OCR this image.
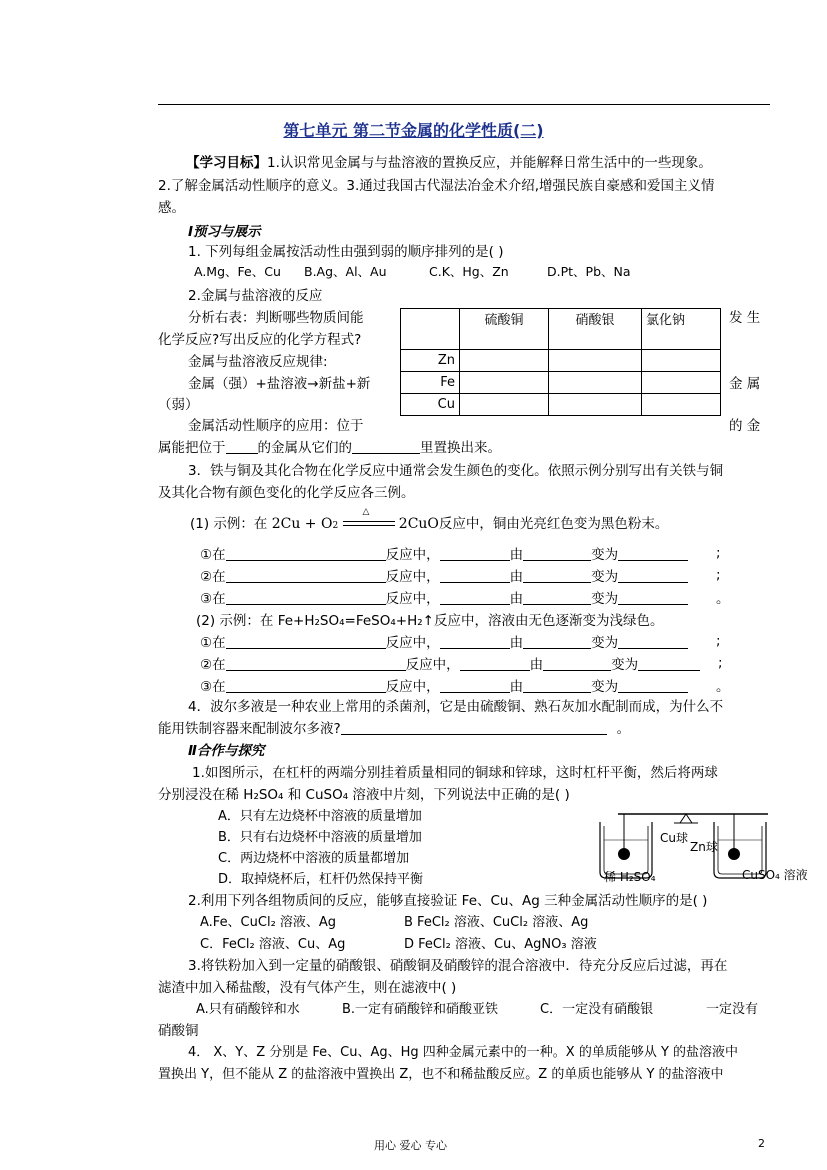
第七单元 第二节金属的化学性质(二)
【学习目标】1.认识常见金属与与盐溶液的置换反应，并能解释日常生活中的一些现象。
2.了解金属活动性顺序的意义。3.通过我国古代湿法冶金术介绍,增强民族自豪感和爱国主义情
感。
Ⅰ预习与展示
1. 下列每组金属按活动性由强到弱的顺序排列的是( )
A.Mg、Fe、Cu B.Ag、Al、Au	C.K、Hg、Zn	D.Pt、Pb、Na
2.金属与盐溶液的反应
分析右表：判断哪些物质间能	发 生
化学反应?写出反应的化学方程式?
金属与盐溶液反应规律:
金属（强）+盐溶液→新盐+新	金 属
（弱）
金属活动性顺序的应用：位于	的 金
属能把位于 的金属从它们的	里置换出来。
	硫酸铜	硝酸银	氯化钠
Zn			
Fe			
Cu			
3．铁与铜及其化合物在化学反应中通常会发生颜色的变化。依照示例分别写出有关铁与铜
及其化合物有颜色变化的化学反应各三例。
(1) 示例：在 2Cu + O2
△
2CuO反应中，铜由光亮红色变为黑色粉末。
①在	反应中，	由	变为	;
②在	反应中，	由	变为	;
③在	反应中，	由	变为	。
(2) 示例：在 Fe+H₂SO₄=FeSO₄+H₂↑反应中，溶液由无色逐渐变为浅绿色。
①在	反应中，	由	变为	;
②在	反应中，	由	变为	;
③在	反应中，	由	变为	。
4．波尔多液是一种农业上常用的杀菌剂，它是由硫酸铜、熟石灰加水配制而成，为什么不
能用铁制容器来配制波尔多液?	。
Ⅱ合作与探究
1.如图所示，在杠杆的两端分别挂着质量相同的铜球和锌球，这时杠杆平衡，然后将两球
分别浸没在稀 H₂SO₄ 和 CuSO₄ 溶液中片刻，下列说法中正确的是( )
A．只有左边烧杯中溶液的质量增加
B．只有右边烧杯中溶液的质量增加
C．两边烧杯中溶液的质量都增加
D．取掉烧杯后，杠杆仍然保持平衡
Cu球
Zn球
稀 H₂SO₄	CuSO₄ 溶液
2.利用下列各组物质间的反应，能够直接验证 Fe、Cu、Ag 三种金属活动性顺序的是( )
A.Fe、CuCl₂ 溶液、Ag	B FeCl₂ 溶液、CuCl₂ 溶液、Ag
C．FeCl₂ 溶液、Cu、Ag	D FeCl₂ 溶液、Cu、AgNO₃ 溶液
3.将铁粉加入到一定量的硝酸银、硝酸铜及硝酸锌的混合溶液中．待充分反应后过滤，再在
滤渣中加入稀盐酸，没有气体产生，则在滤液中( )
A.只有硝酸锌和水	B.一定有硝酸锌和硝酸亚铁	C．一定没有硝酸银	一定没有
硝酸铜
4． X、Y、Z 分别是 Fe、Cu、Ag、Hg 四种金属元素中的一种。X 的单质能够从 Y 的盐溶液中
置换出 Y，但不能从 Z 的盐溶液中置换出 Z，也不和稀盐酸反应。Z 的单质也能够从 Y 的盐溶液中
用心 爱心 专心	2
